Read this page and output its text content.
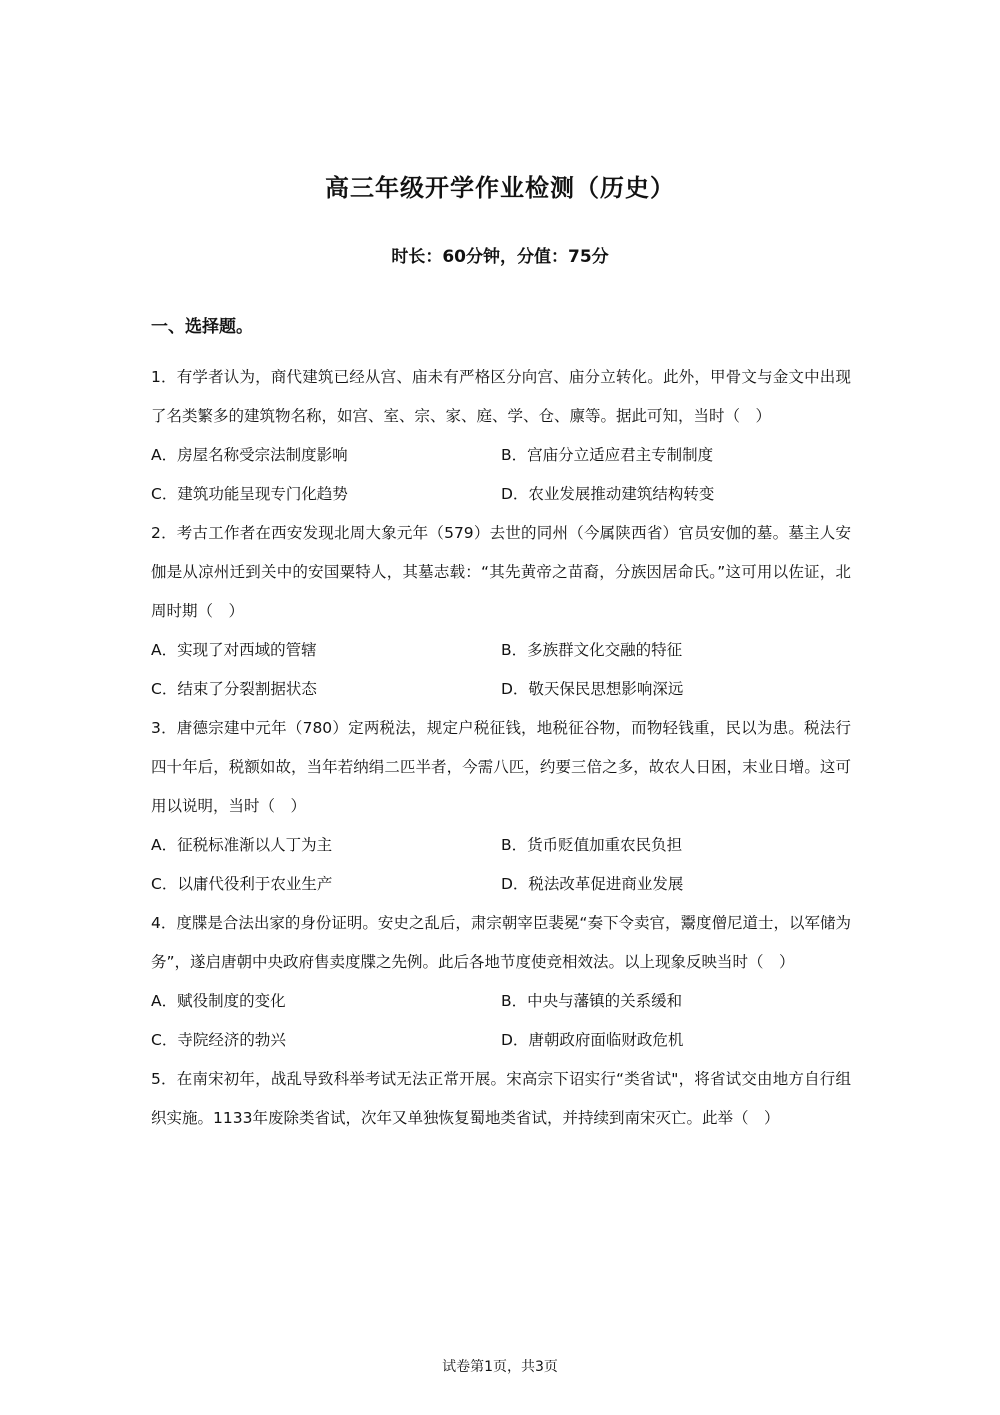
高三年级开学作业检测（历史）
时长：60分钟，分值：75分
一、选择题。

1．有学者认为，商代建筑已经从宫、庙未有严格区分向宫、庙分立转化。此外，甲骨文与金文中出现了名类繁多的建筑物名称，如宫、室、宗、家、庭、学、仓、廪等。据此可知，当时（　）

A．房屋名称受宗法制度影响	B．宫庙分立适应君主专制制度
C．建筑功能呈现专门化趋势	D．农业发展推动建筑结构转变

2．考古工作者在西安发现北周大象元年（579）去世的同州（今属陕西省）官员安伽的墓。墓主人安伽是从凉州迁到关中的安国粟特人，其墓志载：“其先黄帝之苗裔，分族因居命氏。”这可用以佐证，北周时期（　）

A．实现了对西域的管辖	B．多族群文化交融的特征
C．结束了分裂割据状态	D．敬天保民思想影响深远

3．唐德宗建中元年（780）定两税法，规定户税征钱，地税征谷物，而物轻钱重，民以为患。税法行四十年后，税额如故，当年若纳绢二匹半者，今需八匹，约要三倍之多，故农人日困，末业日增。这可用以说明，当时（　）

A．征税标准渐以人丁为主	B．货币贬值加重农民负担
C．以庸代役利于农业生产	D．税法改革促进商业发展

4．度牒是合法出家的身份证明。安史之乱后，肃宗朝宰臣裴冕“奏下令卖官，鬻度僧尼道士，以军储为务”，遂启唐朝中央政府售卖度牒之先例。此后各地节度使竞相效法。以上现象反映当时（　）

A．赋役制度的变化	B．中央与藩镇的关系缓和
C．寺院经济的勃兴	D．唐朝政府面临财政危机

5．在南宋初年，战乱导致科举考试无法正常开展。宋高宗下诏实行“类省试"，将省试交由地方自行组织实施。1133年废除类省试，次年又单独恢复蜀地类省试，并持续到南宋灭亡。此举（　）

试卷第1页，共3页
